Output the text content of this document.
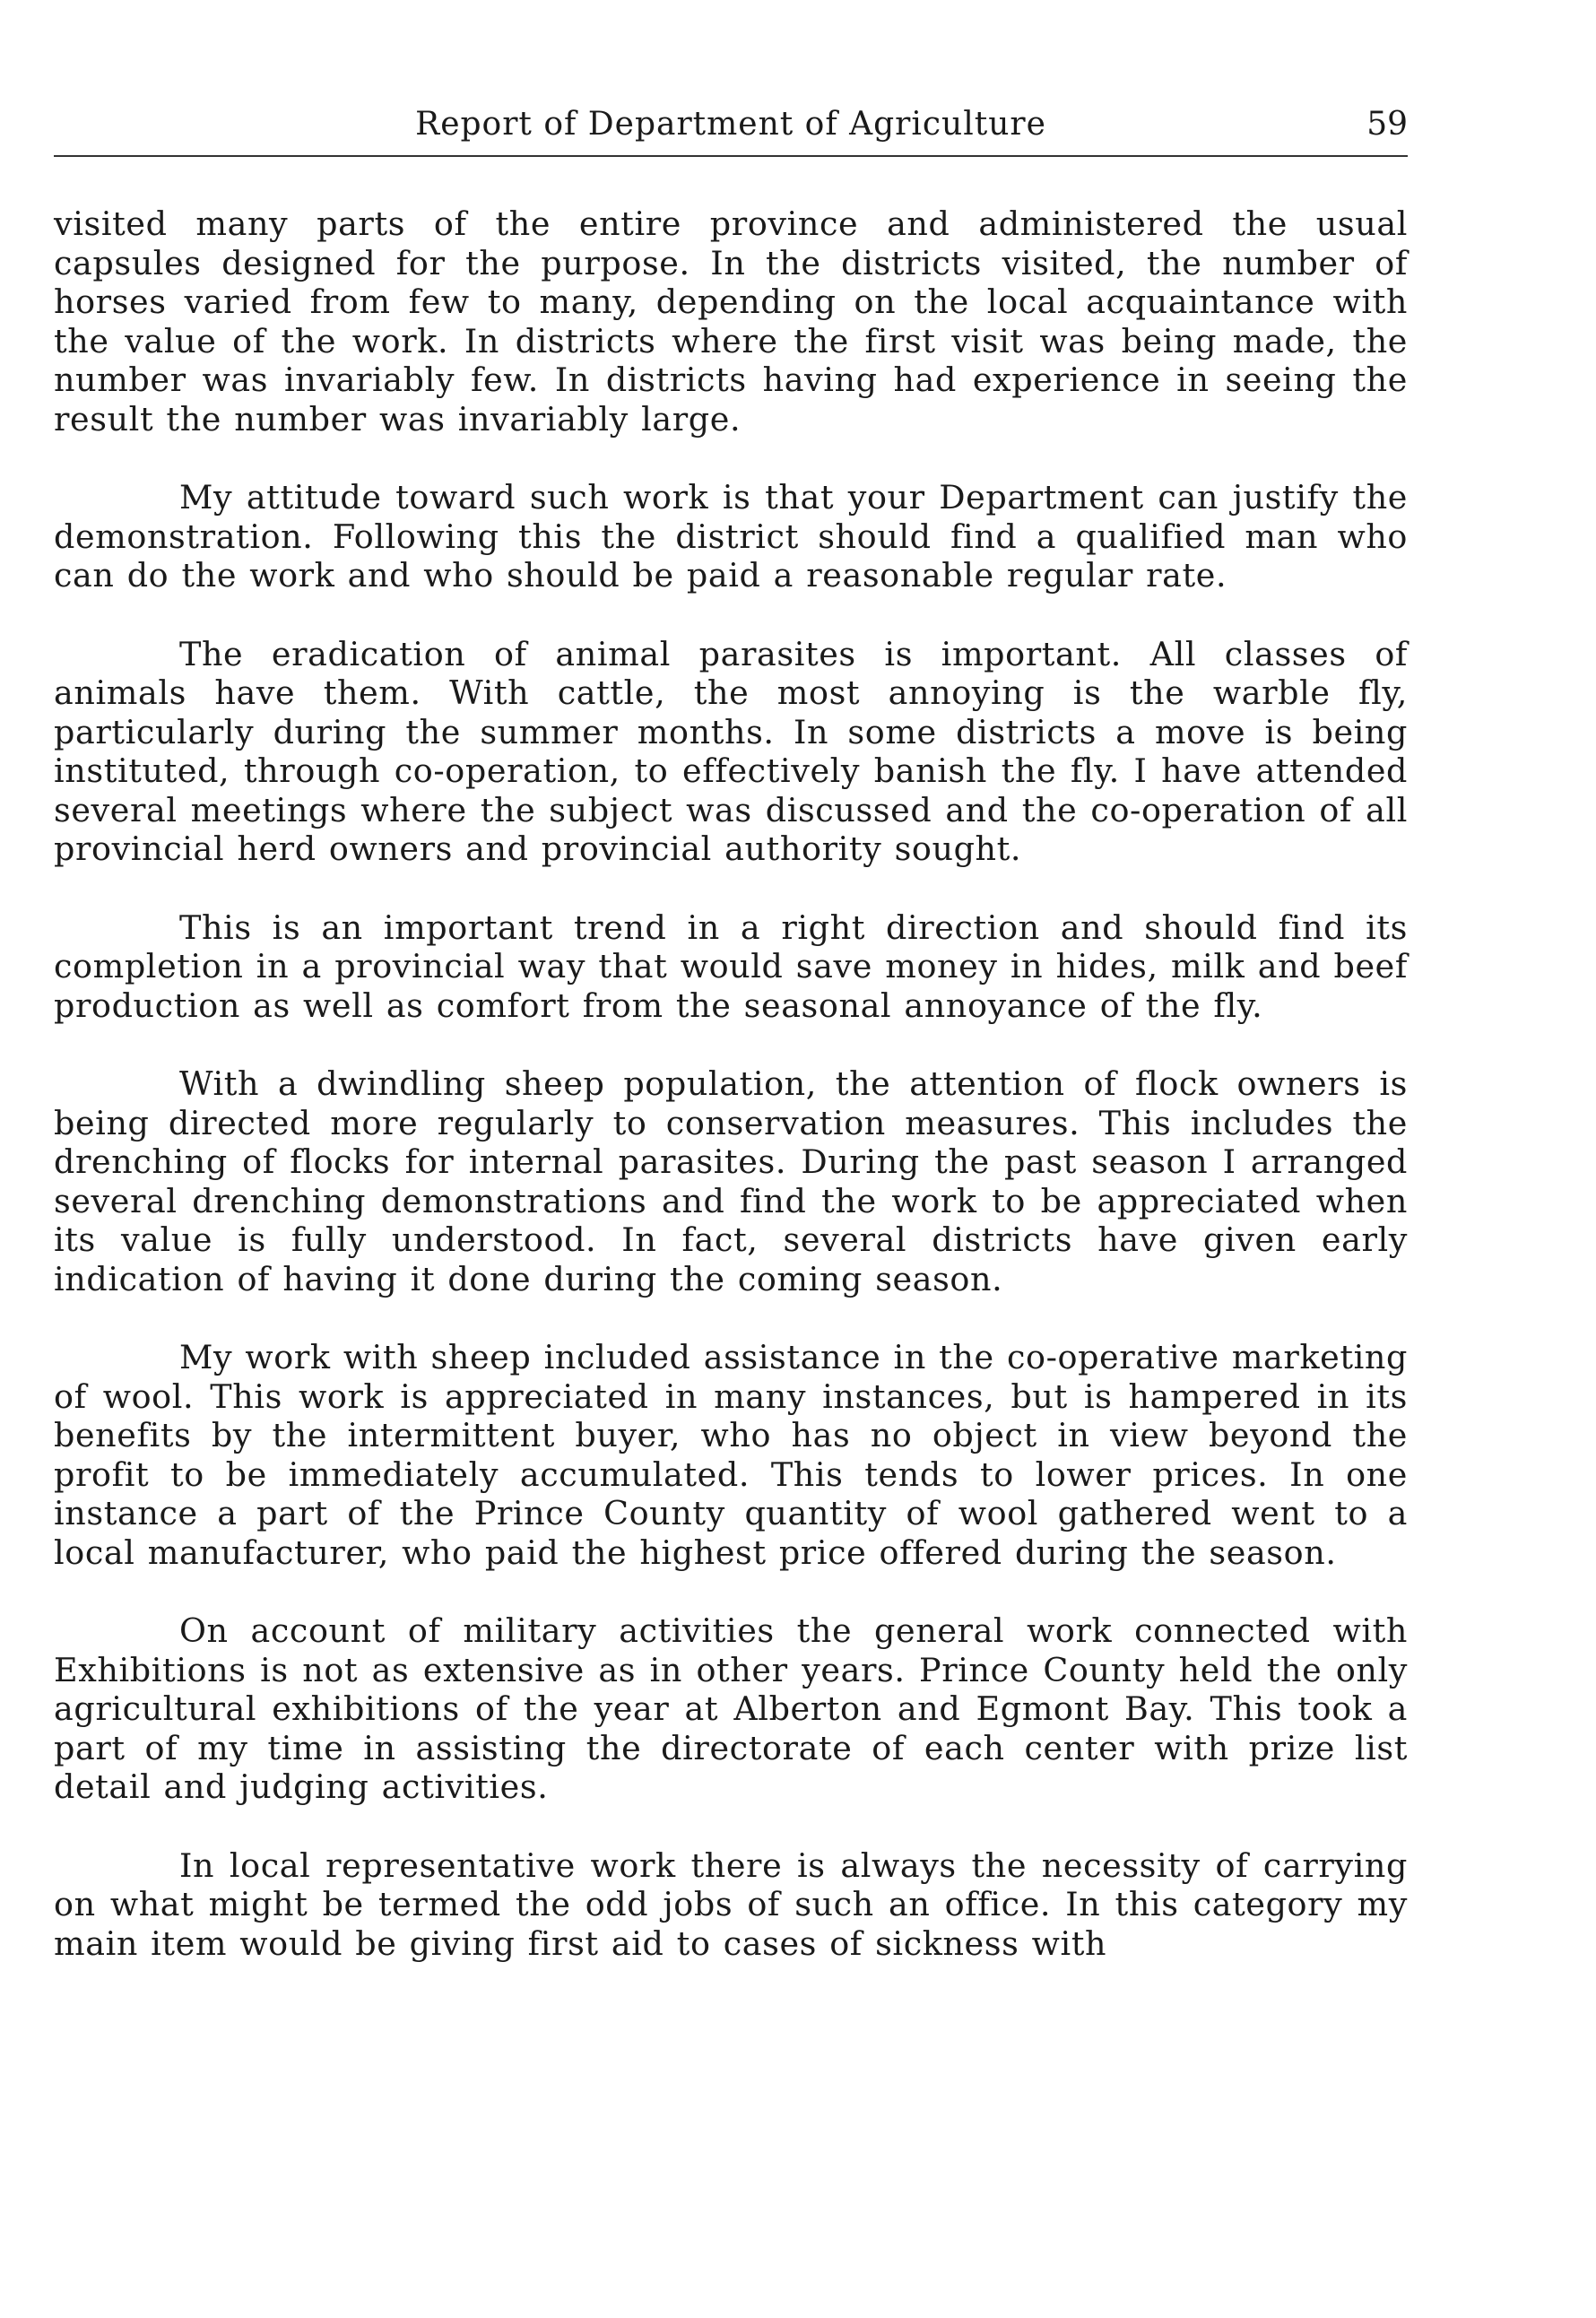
Report of Department of Agriculture	59

visited many parts of the entire province and administered the usual capsules designed for the purpose. In the districts visited, the number of horses varied from few to many, depending on the local acquaintance with the value of the work. In districts where the first visit was being made, the number was invariably few. In districts having had experience in seeing the result the number was invariably large.

My attitude toward such work is that your Department can justify the demonstration. Following this the district should find a qualified man who can do the work and who should be paid a reasonable regular rate.

The eradication of animal parasites is important. All classes of animals have them. With cattle, the most annoying is the warble fly, particularly during the summer months. In some districts a move is being instituted, through co-operation, to effectively banish the fly. I have attended several meetings where the subject was discussed and the co-operation of all provincial herd owners and provincial authority sought.

This is an important trend in a right direction and should find its completion in a provincial way that would save money in hides, milk and beef production as well as comfort from the seasonal annoyance of the fly.

With a dwindling sheep population, the attention of flock owners is being directed more regularly to conservation measures. This includes the drenching of flocks for internal parasites. During the past season I arranged several drenching demonstrations and find the work to be appreciated when its value is fully understood. In fact, several districts have given early indication of having it done during the coming season.

My work with sheep included assistance in the co-operative marketing of wool. This work is appreciated in many instances, but is hampered in its benefits by the intermittent buyer, who has no object in view beyond the profit to be immediately accumulated. This tends to lower prices. In one instance a part of the Prince County quantity of wool gathered went to a local manufacturer, who paid the highest price offered during the season.

On account of military activities the general work connected with Exhibitions is not as extensive as in other years. Prince County held the only agricultural exhibitions of the year at Alberton and Egmont Bay. This took a part of my time in assisting the directorate of each center with prize list detail and judging activities.

In local representative work there is always the necessity of carrying on what might be termed the odd jobs of such an office. In this category my main item would be giving first aid to cases of sickness with
